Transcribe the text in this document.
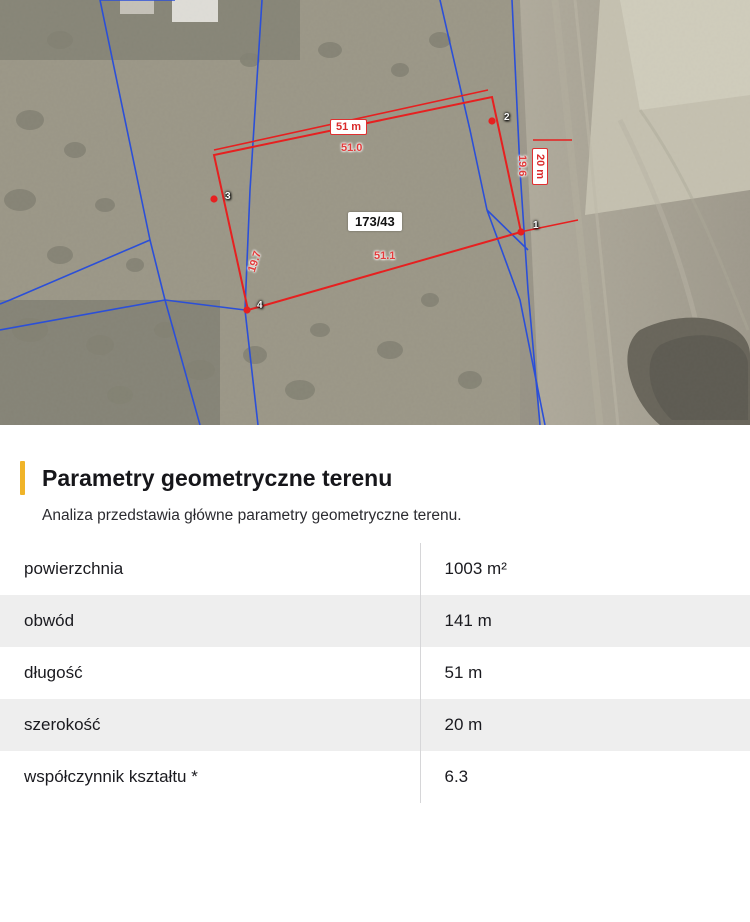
51 m
51.0
20 m
19.6
51.1
19.7
173/43	1
2
3
4
Parametry geometryczne terenu
Analiza przedstawia główne parametry geometryczne terenu.
powierzchnia	1003 m²
obwód	141 m
długość	51 m
szerokość	20 m
współczynnik kształtu *	6.3
